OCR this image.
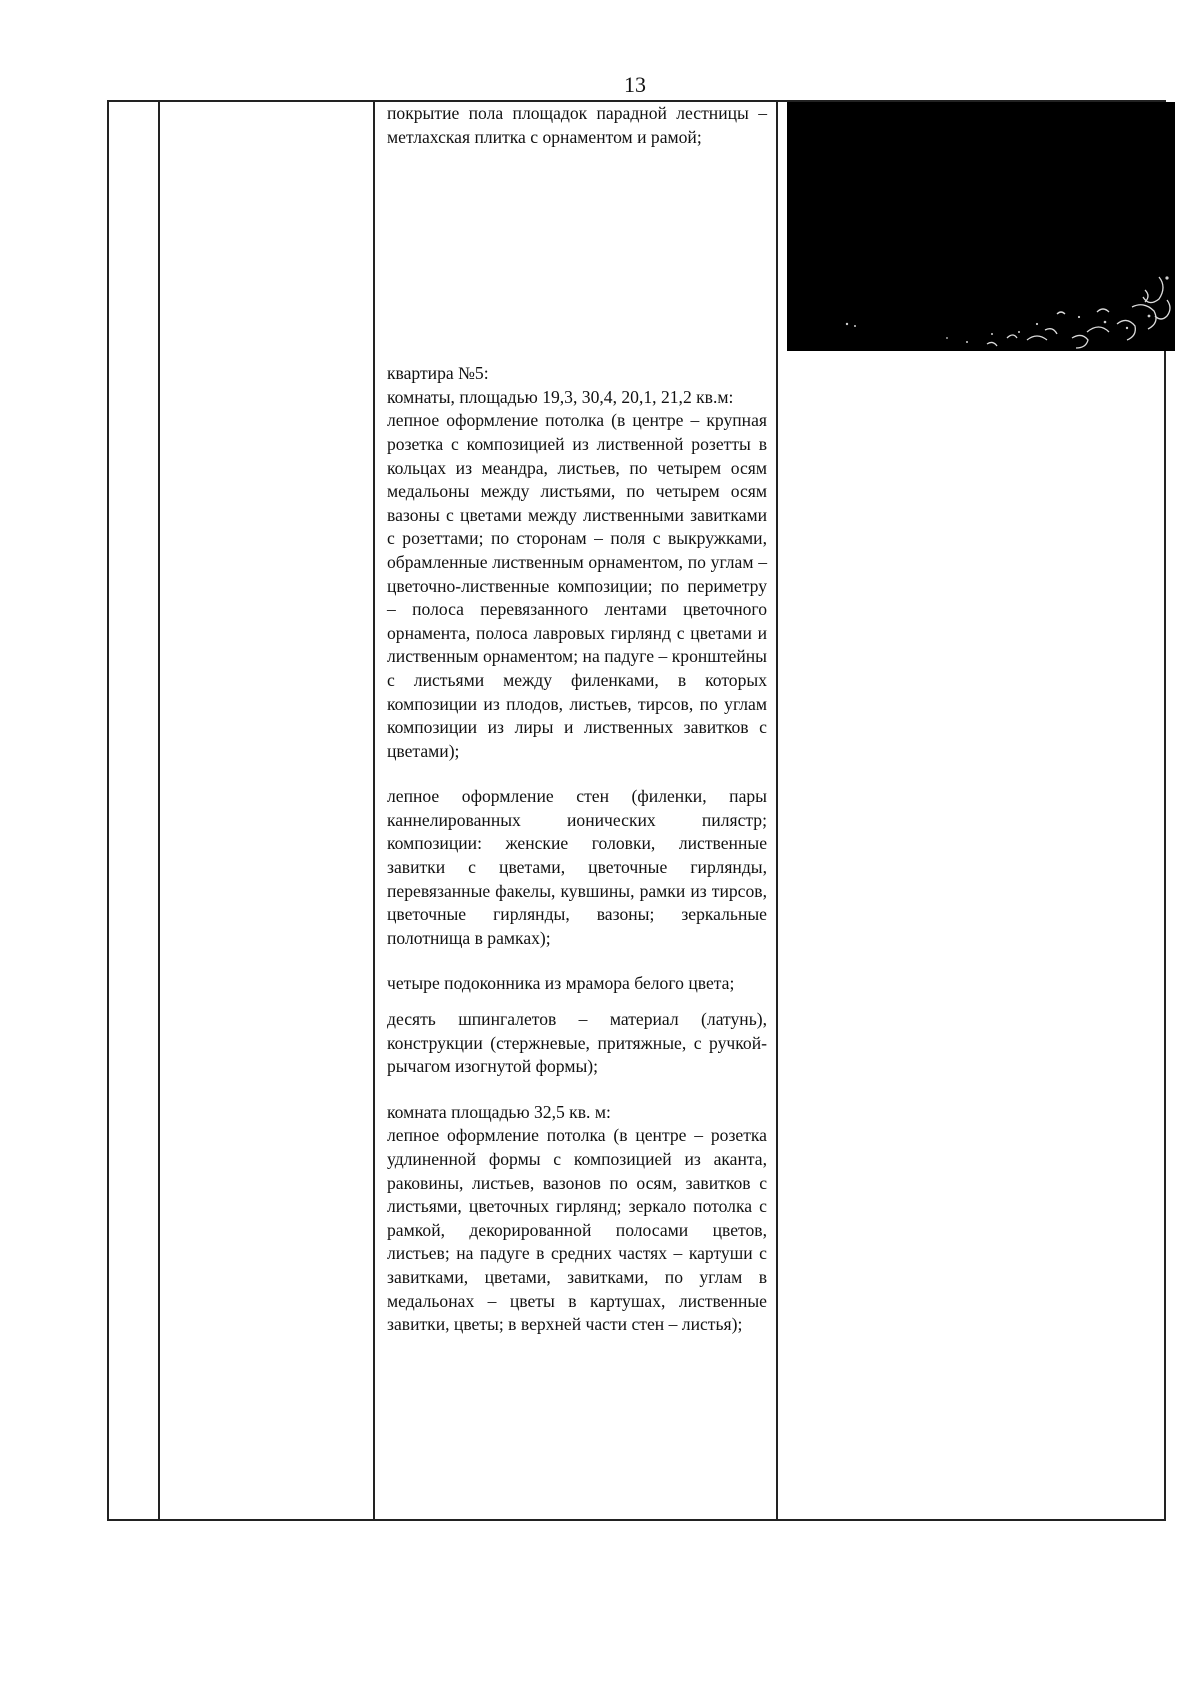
13

покрытие пола площадок парадной лестницы – метлахская плитка с орнаментом и рамой;

квартира №5:

комнаты, площадью 19,3, 30,4, 20,1, 21,2 кв.м:

лепное оформление потолка (в центре – крупная розетка с композицией из лиственной розетты в кольцах из меандра, листьев, по четырем осям медальоны между листьями, по четырем осям вазоны с цветами между лиственными завитками с розеттами; по сторонам – поля с выкружками, обрамленные лиственным орнаментом, по углам – цветочно-лиственные композиции; по периметру – полоса перевязанного лентами цветочного орнамента, полоса лавровых гирлянд с цветами и лиственным орнаментом; на падуге – кронштейны с листьями между филенками, в которых композиции из плодов, листьев, тирсов, по углам композиции из лиры и лиственных завитков с цветами);

лепное оформление стен (филенки, пары каннелированных ионических пилястр; композиции: женские головки, лиственные завитки с цветами, цветочные гирлянды, перевязанные факелы, кувшины, рамки из тирсов, цветочные гирлянды, вазоны; зеркальные полотнища в рамках);

четыре подоконника из мрамора белого цвета;

десять шпингалетов – материал (латунь), конструкции (стержневые, притяжные, с ручкой-рычагом изогнутой формы);

комната площадью 32,5 кв. м:

лепное оформление потолка (в центре – розетка удлиненной формы с композицией из аканта, раковины, листьев, вазонов по осям, завитков с листьями, цветочных гирлянд; зеркало потолка с рамкой, декорированной полосами цветов, листьев; на падуге в средних частях – картуши с завитками, цветами, завитками, по углам в медальонах – цветы в картушах, лиственные завитки, цветы; в верхней части стен – листья);
